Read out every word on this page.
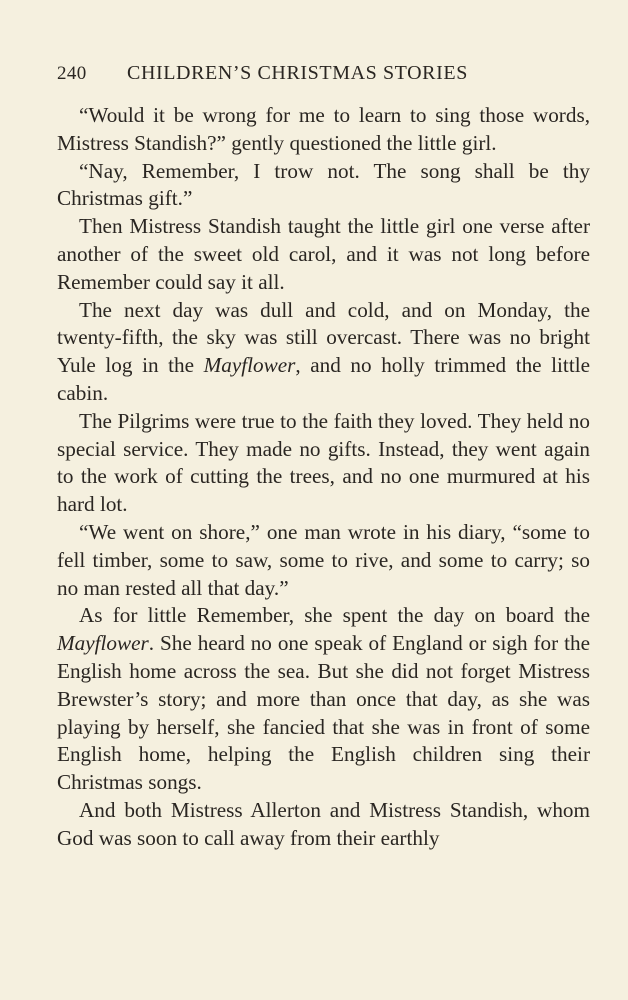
240	CHILDREN’S CHRISTMAS STORIES

“Would it be wrong for me to learn to sing those words, Mistress Standish?” gently questioned the little girl.

“Nay, Remember, I trow not. The song shall be thy Christmas gift.”

Then Mistress Standish taught the little girl one verse after another of the sweet old carol, and it was not long before Remember could say it all.

The next day was dull and cold, and on Monday, the twenty-fifth, the sky was still overcast. There was no bright Yule log in the Mayflower, and no holly trimmed the little cabin.

The Pilgrims were true to the faith they loved. They held no special service. They made no gifts. Instead, they went again to the work of cutting the trees, and no one murmured at his hard lot.

“We went on shore,” one man wrote in his diary, “some to fell timber, some to saw, some to rive, and some to carry; so no man rested all that day.”

As for little Remember, she spent the day on board the Mayflower. She heard no one speak of England or sigh for the English home across the sea. But she did not forget Mistress Brewster’s story; and more than once that day, as she was playing by herself, she fancied that she was in front of some English home, helping the English children sing their Christmas songs.

And both Mistress Allerton and Mistress Standish, whom God was soon to call away from their earthly
